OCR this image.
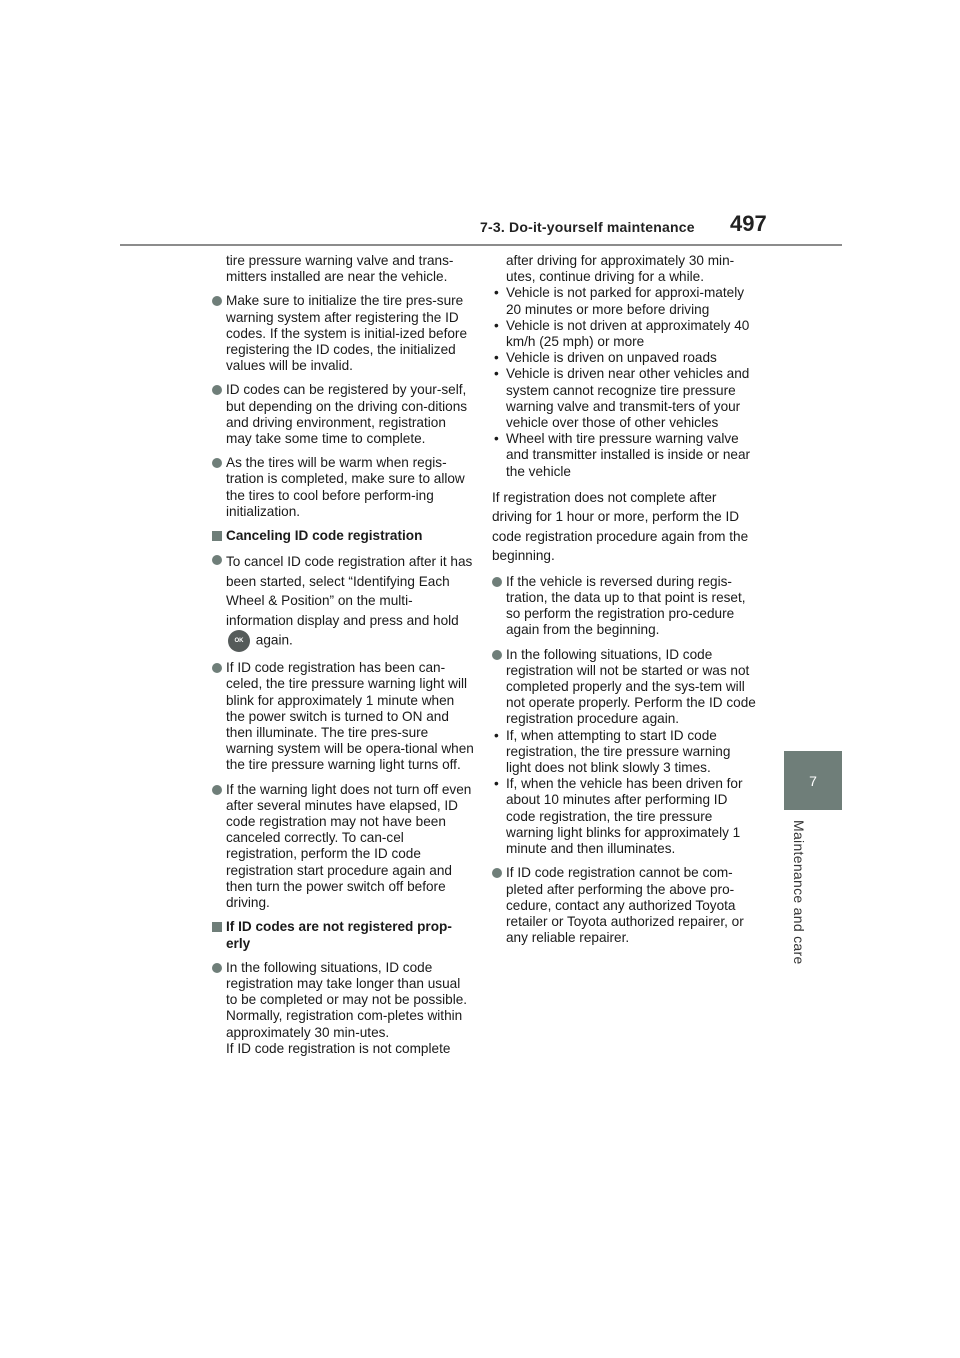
7-3. Do-it-yourself maintenance 497
7
Maintenance and care
tire pressure warning valve and trans-mitters installed are near the vehicle.
Make sure to initialize the tire pres-sure warning system after registering the ID codes. If the system is initial-ized before registering the ID codes, the initialized values will be invalid.
ID codes can be registered by your-self, but depending on the driving con-ditions and driving environment, registration may take some time to complete.
As the tires will be warm when regis-tration is completed, make sure to allow the tires to cool before perform-ing initialization.
Canceling ID code registration
To cancel ID code registration after it has been started, select “Identifying Each Wheel & Position” on the multi-information display and press and hold OK again.
If ID code registration has been can-celed, the tire pressure warning light will blink for approximately 1 minute when the power switch is turned to ON and then illuminate. The tire pres-sure warning system will be opera-tional when the tire pressure warning light turns off.
If the warning light does not turn off even after several minutes have elapsed, ID code registration may not have been canceled correctly. To can-cel registration, perform the ID code registration start procedure again and then turn the power switch off before driving.
If ID codes are not registered prop-erly
In the following situations, ID code registration may take longer than usual to be completed or may not be possible. Normally, registration com-pletes within approximately 30 min-utes.
If ID code registration is not complete
after driving for approximately 30 min-utes, continue driving for a while.
• Vehicle is not parked for approxi-mately 20 minutes or more before driving
• Vehicle is not driven at approximately 40 km/h (25 mph) or more
• Vehicle is driven on unpaved roads
• Vehicle is driven near other vehicles and system cannot recognize tire pressure warning valve and transmit-ters of your vehicle over those of other vehicles
• Wheel with tire pressure warning valve and transmitter installed is inside or near the vehicle
If registration does not complete after driving for 1 hour or more, perform the ID code registration procedure again from the beginning.
If the vehicle is reversed during regis-tration, the data up to that point is reset, so perform the registration pro-cedure again from the beginning.
In the following situations, ID code registration will not be started or was not completed properly and the sys-tem will not operate properly. Perform the ID code registration procedure again.
• If, when attempting to start ID code registration, the tire pressure warning light does not blink slowly 3 times.
• If, when the vehicle has been driven for about 10 minutes after performing ID code registration, the tire pressure warning light blinks for approximately 1 minute and then illuminates.
If ID code registration cannot be com-pleted after performing the above pro-cedure, contact any authorized Toyota retailer or Toyota authorized repairer, or any reliable repairer.
